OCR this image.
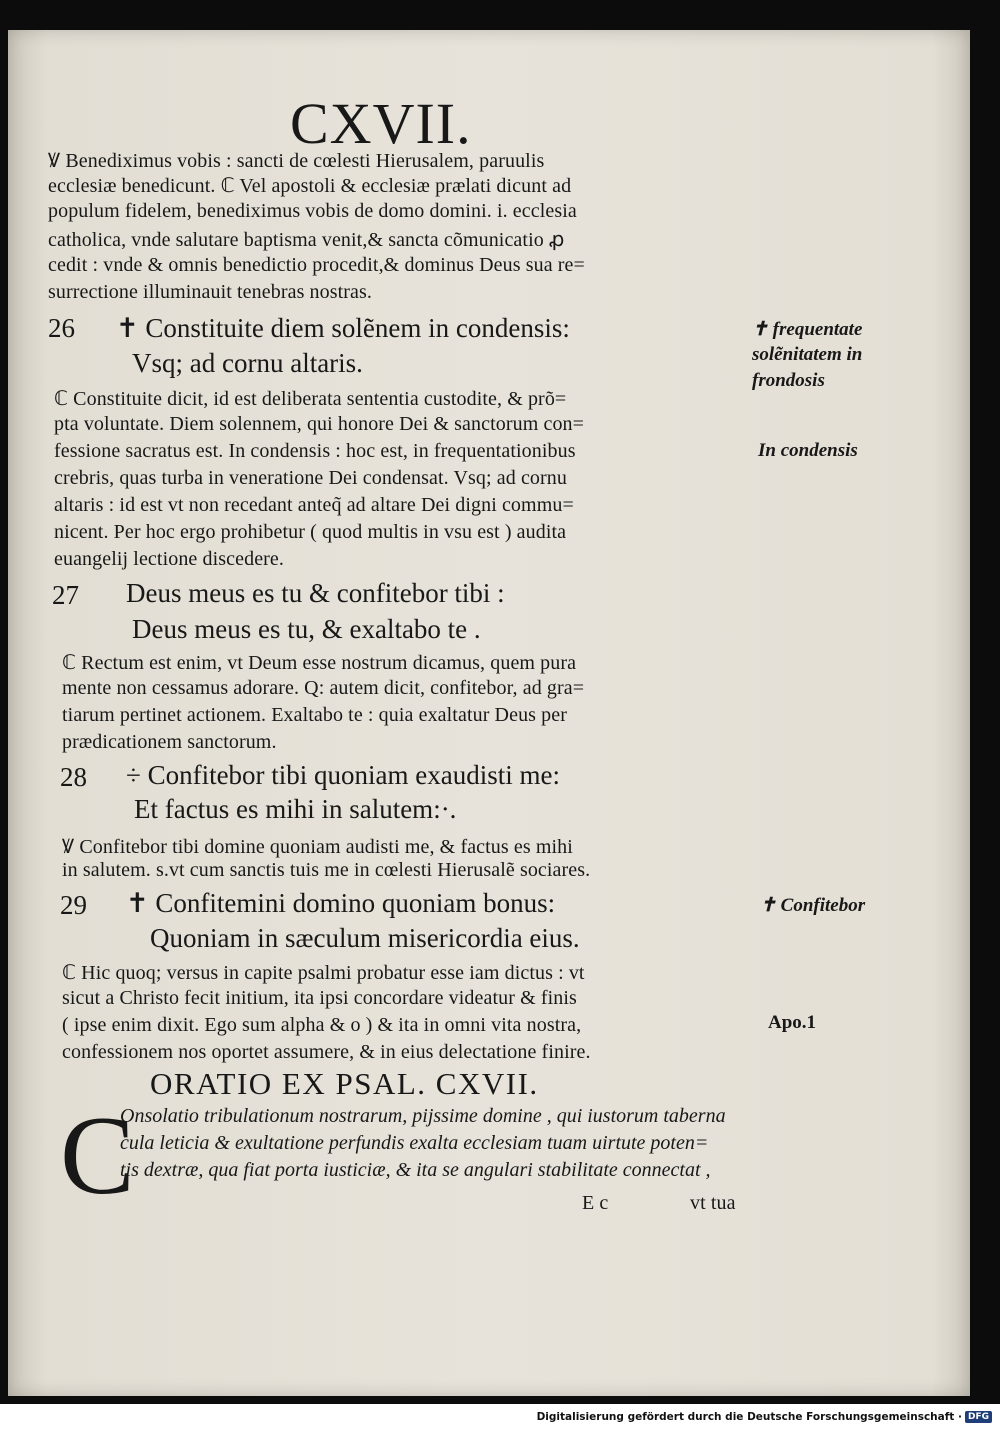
CXVII.
Ꝟ Benediximus vobis : sancti de cœlesti Hierusalem, paruulis
ecclesiæ benedicunt. ℂ Vel apostoli & ecclesiæ prælati dicunt ad
populum fidelem, benediximus vobis de domo domini. i. ecclesia
catholica, vnde salutare baptisma venit,& sancta cõmunicatio ꝓ
cedit : vnde & omnis benedictio procedit,& dominus Deus sua re=
surrectione illuminauit tenebras nostras.
26 ✝ Constituite diem solẽnem in condensis:
Vsq; ad cornu altaris.
ℂ Constituite dicit, id est deliberata sententia custodite, & prõ=
pta voluntate. Diem solennem, qui honore Dei & sanctorum con=
fessione sacratus est. In condensis : hoc est, in frequentationibus
crebris, quas turba in veneratione Dei condensat. Vsq; ad cornu
altaris : id est vt non recedant anteq̃ ad altare Dei digni commu=
nicent. Per hoc ergo prohibetur ( quod multis in vsu est ) audita
euangelij lectione discedere.
✝ frequentate
solẽnitatem in
frondosis
In condensis
27 Deus meus es tu & confitebor tibi :
Deus meus es tu, & exaltabo te .
ℂ Rectum est enim, vt Deum esse nostrum dicamus, quem pura
mente non cessamus adorare. Q: autem dicit, confitebor, ad gra=
tiarum pertinet actionem. Exaltabo te : quia exaltatur Deus per
prædicationem sanctorum.
28 ÷ Confitebor tibi quoniam exaudisti me:
Et factus es mihi in salutem:·.
Ꝟ Confitebor tibi domine quoniam audisti me, & factus es mihi
in salutem. s.vt cum sanctis tuis me in cœlesti Hierusalẽ sociares.
29 ✝ Confitemini domino quoniam bonus:
Quoniam in sæculum misericordia eius.
✝ Confitebor
ℂ Hic quoq; versus in capite psalmi probatur esse iam dictus : vt
sicut a Christo fecit initium, ita ipsi concordare videatur & finis
( ipse enim dixit. Ego sum alpha & o ) & ita in omni vita nostra,
confessionem nos oportet assumere, & in eius delectatione finire.
Apo.1
ORATIO EX PSAL. CXVII.
C
Onsolatio tribulationum nostrarum, pijssime domine , qui iustorum taberna
cula leticia & exultatione perfundis exalta ecclesiam tuam uirtute poten=
tis dextræ, qua fiat porta iusticiæ, & ita se angulari stabilitate connectat ,
E c	vt tua
Digitalisierung gefördert durch die Deutsche Forschungsgemeinschaft · DFG
